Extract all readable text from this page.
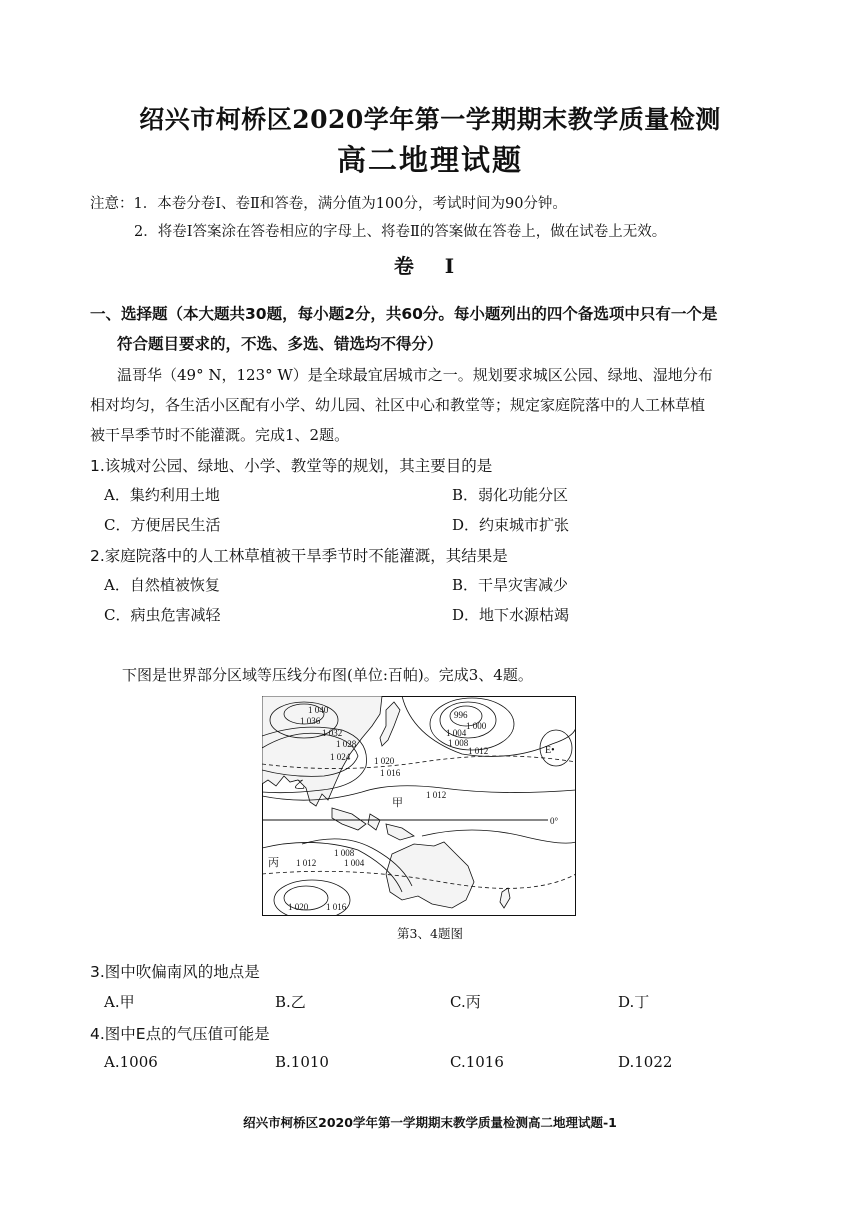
绍兴市柯桥区2020学年第一学期期末教学质量检测
高二地理试题
注意：1．本卷分卷Ⅰ、卷Ⅱ和答卷，满分值为100分，考试时间为90分钟。
2．将卷Ⅰ答案涂在答卷相应的字母上、将卷Ⅱ的答案做在答卷上，做在试卷上无效。
卷 Ⅰ
一、选择题（本大题共30题，每小题2分，共60分。每小题列出的四个备选项中只有一个是
符合题目要求的，不选、多选、错选均不得分）
温哥华（49° N，123° W）是全球最宜居城市之一。规划要求城区公园、绿地、湿地分布
相对均匀，各生活小区配有小学、幼儿园、社区中心和教堂等；规定家庭院落中的人工林草植
被干旱季节时不能灌溉。完成1、2题。
1.该城对公园、绿地、小学、教堂等的规划，其主要目的是
A．集约利用土地	B．弱化功能分区
C．方便居民生活	D．约束城市扩张
2.家庭院落中的人工林草植被干旱季节时不能灌溉，其结果是
A．自然植被恢复	B．干旱灾害减少
C．病虫危害减轻	D．地下水源枯竭
下图是世界部分区域等压线分布图(单位:百帕)。完成3、4题。
1 040
1 036
1 032
1 028
1 024	1 020
1 016
996
1 000
1 004
1 008
1 012
1 012
1 008
1 004
1 012
1 020 1 016
0°
乙
甲
丙
E•
第3、4题图
3.图中吹偏南风的地点是
A.甲	B.乙	C.丙	D.丁
4.图中E点的气压值可能是
A.1006	B.1010	C.1016	D.1022
绍兴市柯桥区2020学年第一学期期末教学质量检测高二地理试题-1
